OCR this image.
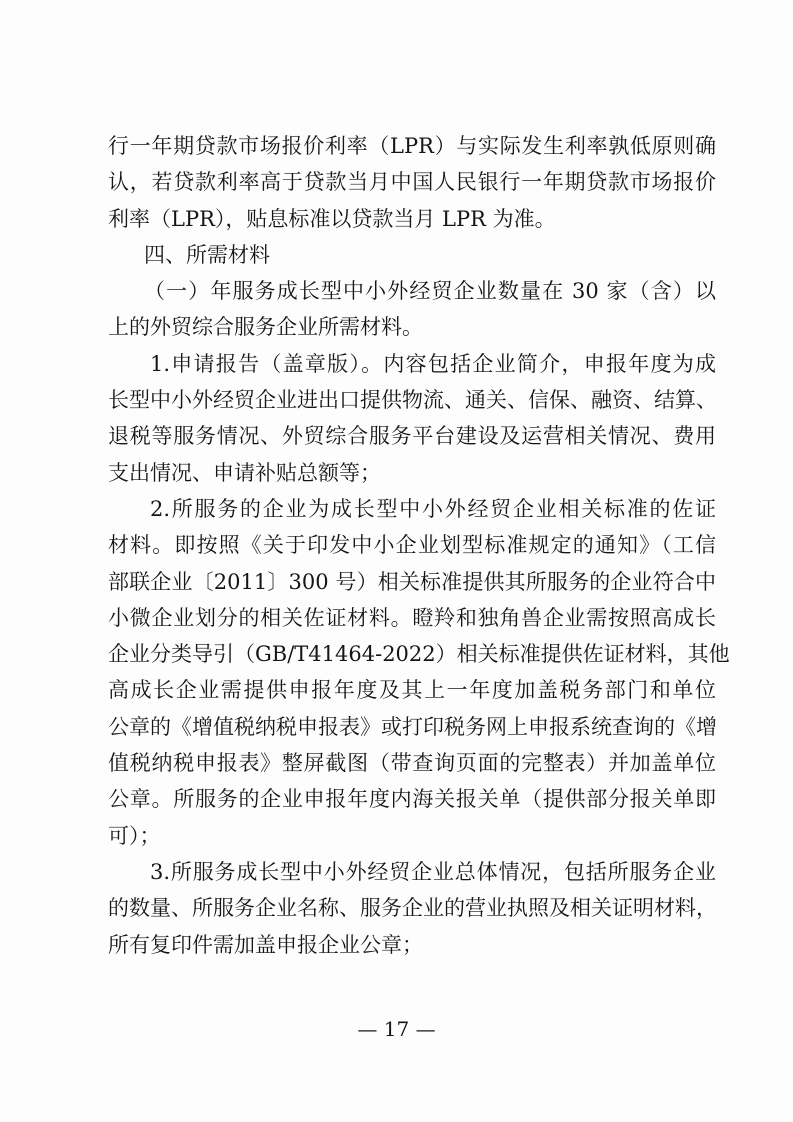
行一年期贷款市场报价利率（LPR）与实际发生利率孰低原则确
认，若贷款利率高于贷款当月中国人民银行一年期贷款市场报价
利率（LPR），贴息标准以贷款当月 LPR 为准。
四、所需材料
（一）年服务成长型中小外经贸企业数量在 30 家（含）以
上的外贸综合服务企业所需材料。
1.申请报告（盖章版）。内容包括企业简介，申报年度为成
长型中小外经贸企业进出口提供物流、通关、信保、融资、结算、
退税等服务情况、外贸综合服务平台建设及运营相关情况、费用
支出情况、申请补贴总额等；
2.所服务的企业为成长型中小外经贸企业相关标准的佐证
材料。即按照《关于印发中小企业划型标准规定的通知》（工信
部联企业〔2011〕300 号）相关标准提供其所服务的企业符合中
小微企业划分的相关佐证材料。瞪羚和独角兽企业需按照高成长
企业分类导引（GB/T41464-2022）相关标准提供佐证材料，其他
高成长企业需提供申报年度及其上一年度加盖税务部门和单位
公章的《增值税纳税申报表》或打印税务网上申报系统查询的《增
值税纳税申报表》整屏截图（带查询页面的完整表）并加盖单位
公章。所服务的企业申报年度内海关报关单（提供部分报关单即
可）；
3.所服务成长型中小外经贸企业总体情况，包括所服务企业
的数量、所服务企业名称、服务企业的营业执照及相关证明材料，
所有复印件需加盖申报企业公章；
— 17 —
